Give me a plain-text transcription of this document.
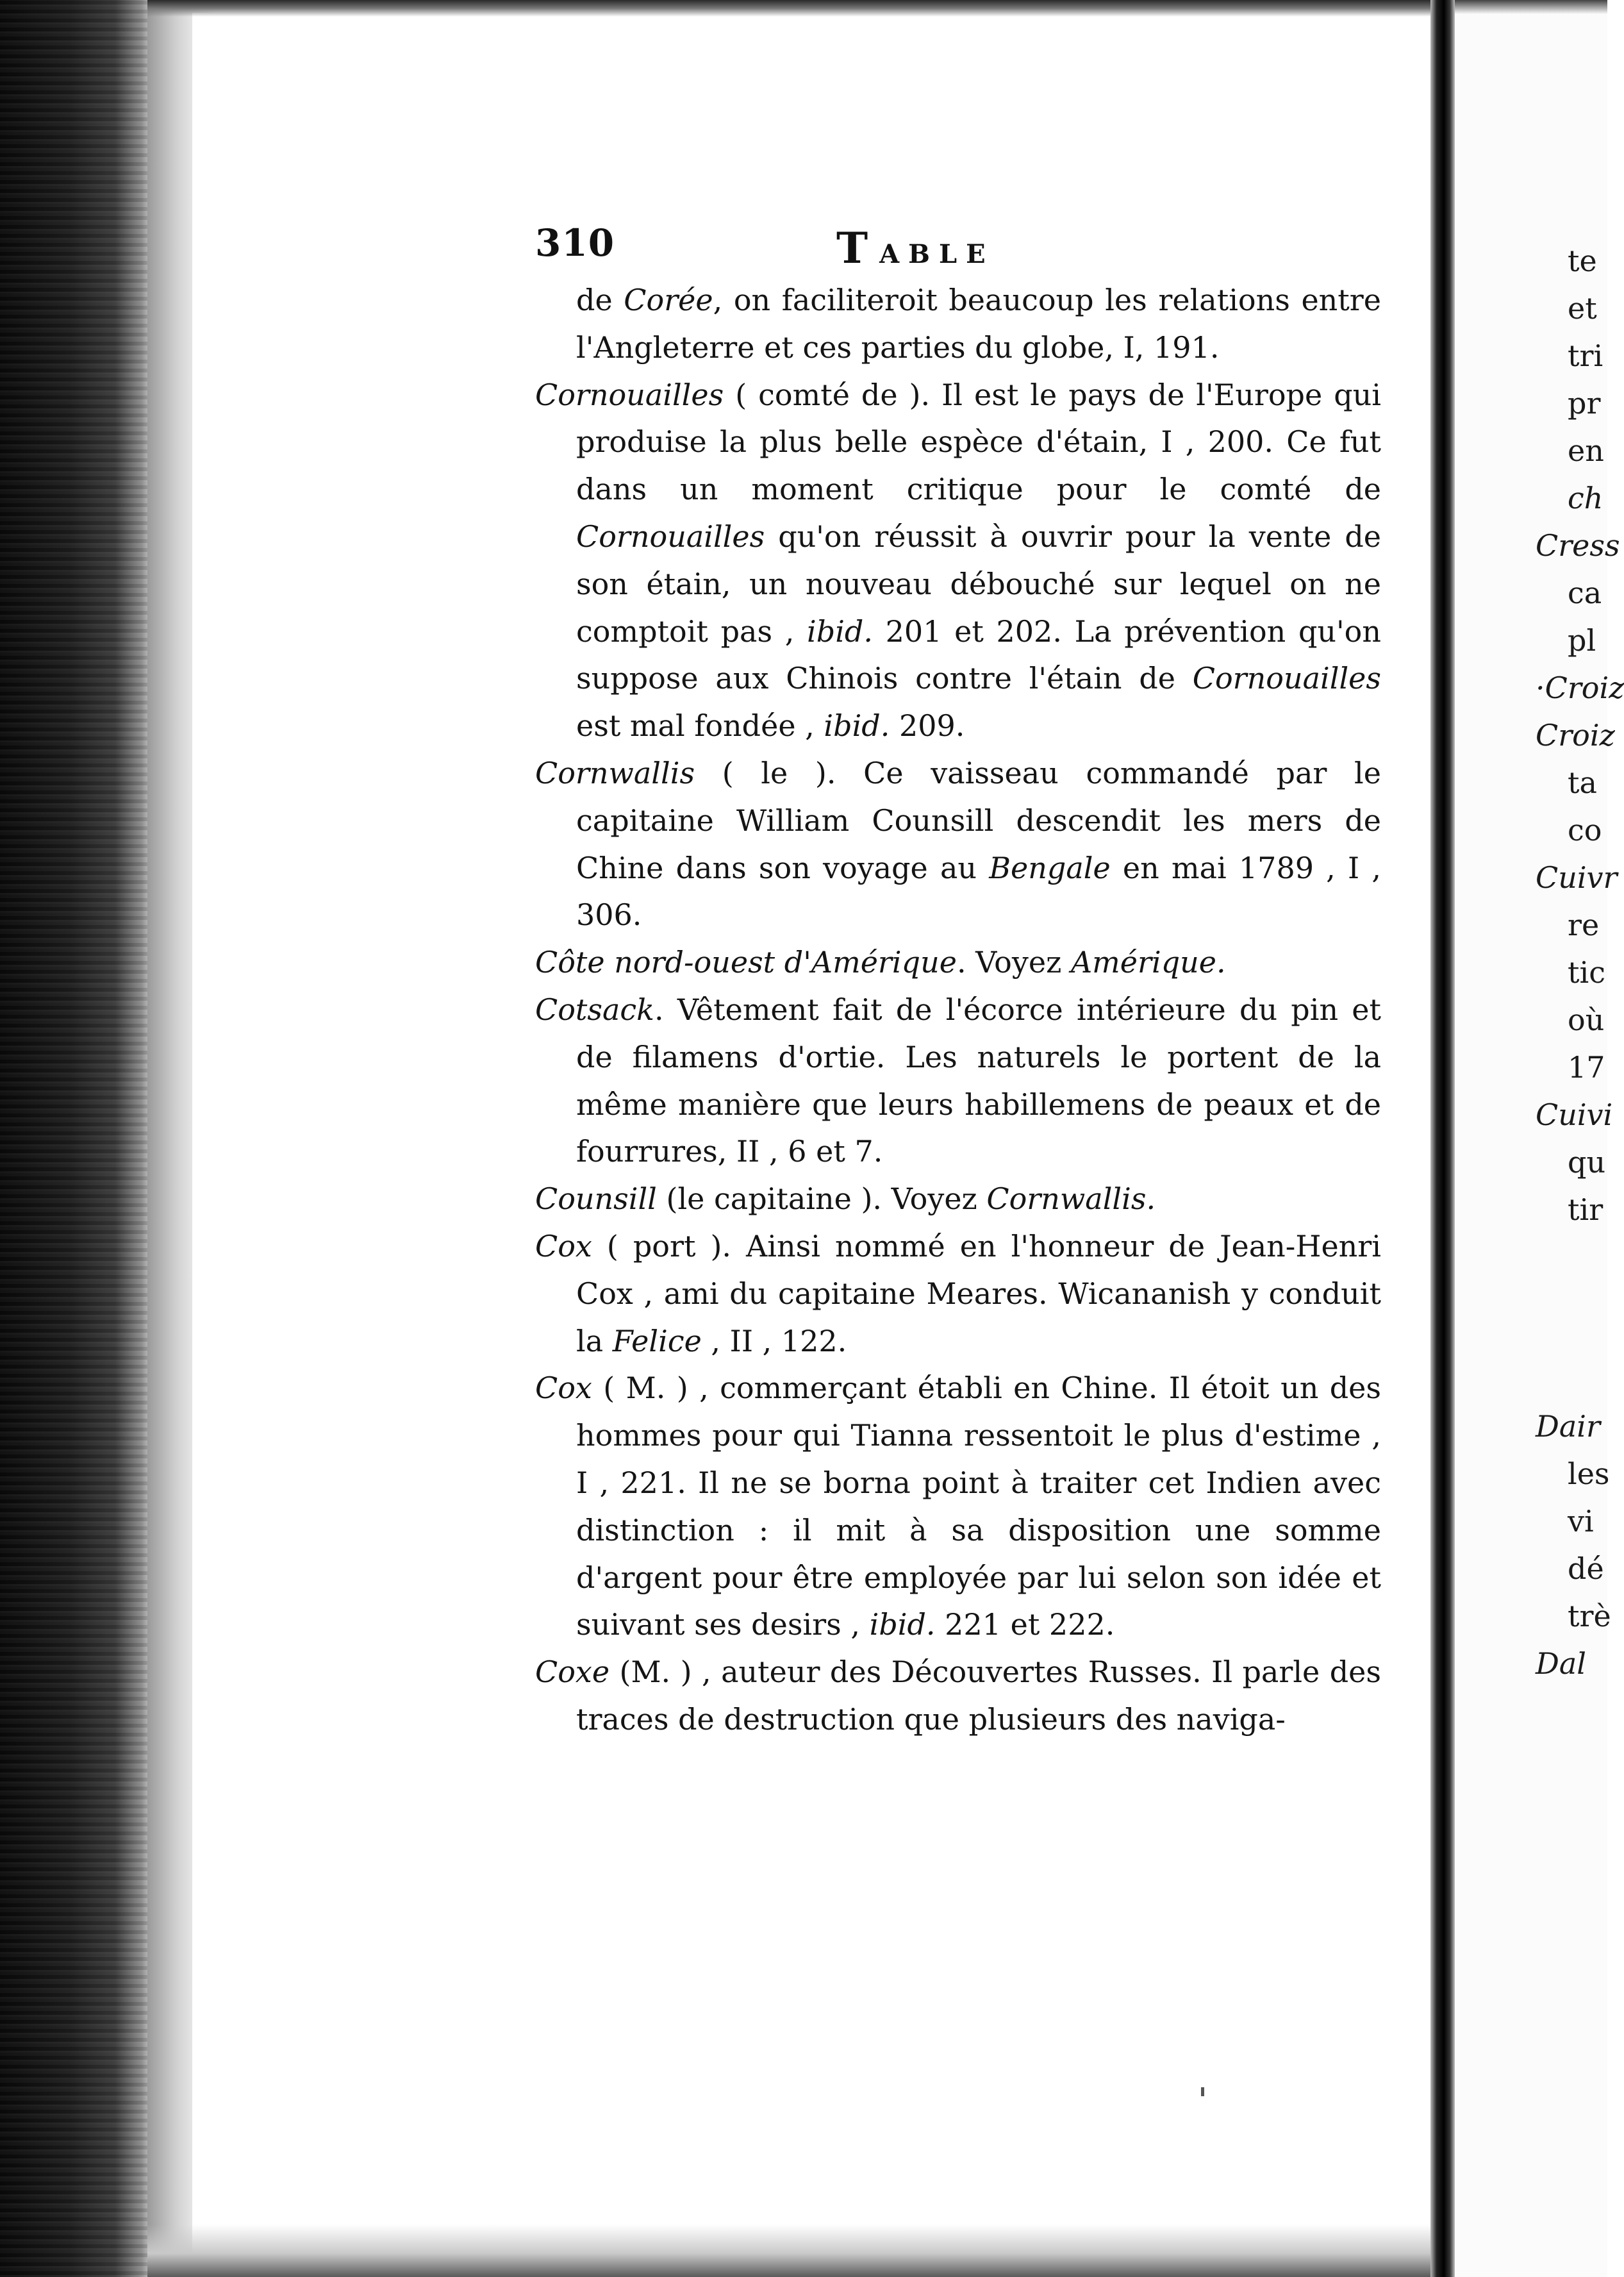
310	TABLE

de Corée, on faciliteroit beaucoup les relations entre l'Angleterre et ces parties du globe, I, 191.

Cornouailles ( comté de ). Il est le pays de l'Europe qui produise la plus belle espèce d'étain, I , 200. Ce fut dans un moment critique pour le comté de Cornouailles qu'on réussit à ouvrir pour la vente de son étain, un nouveau débouché sur lequel on ne comptoit pas , ibid. 201 et 202. La prévention qu'on suppose aux Chinois contre l'étain de Cornouailles est mal fondée , ibid. 209.

Cornwallis ( le ). Ce vaisseau commandé par le capitaine William Counsill descendit les mers de Chine dans son voyage au Bengale en mai 1789 , I , 306.

Côte nord-ouest d'Amérique. Voyez Amérique.

Cotsack. Vêtement fait de l'écorce intérieure du pin et de filamens d'ortie. Les naturels le portent de la même manière que leurs habillemens de peaux et de fourrures, II , 6 et 7.

Counsill (le capitaine ). Voyez Cornwallis.

Cox ( port ). Ainsi nommé en l'honneur de Jean-Henri Cox , ami du capitaine Meares. Wicananish y conduit la Felice , II , 122.

Cox ( M. ) , commerçant établi en Chine. Il étoit un des hommes pour qui Tianna ressentoit le plus d'estime , I , 221. Il ne se borna point à traiter cet Indien avec distinction : il mit à sa disposition une somme d'argent pour être employée par lui selon son idée et suivant ses desirs , ibid. 221 et 222.

Coxe (M. ) , auteur des Découvertes Russes. Il parle des traces de destruction que plusieurs des naviga-

te
et
tri
pr
en
ch
Cress
ca
pl
·Croiz
Croiz
ta
co
Cuivr
re
tic
où
17
Cuivi
qu
tir
Dair
les
vi
dé
trè
Dal
